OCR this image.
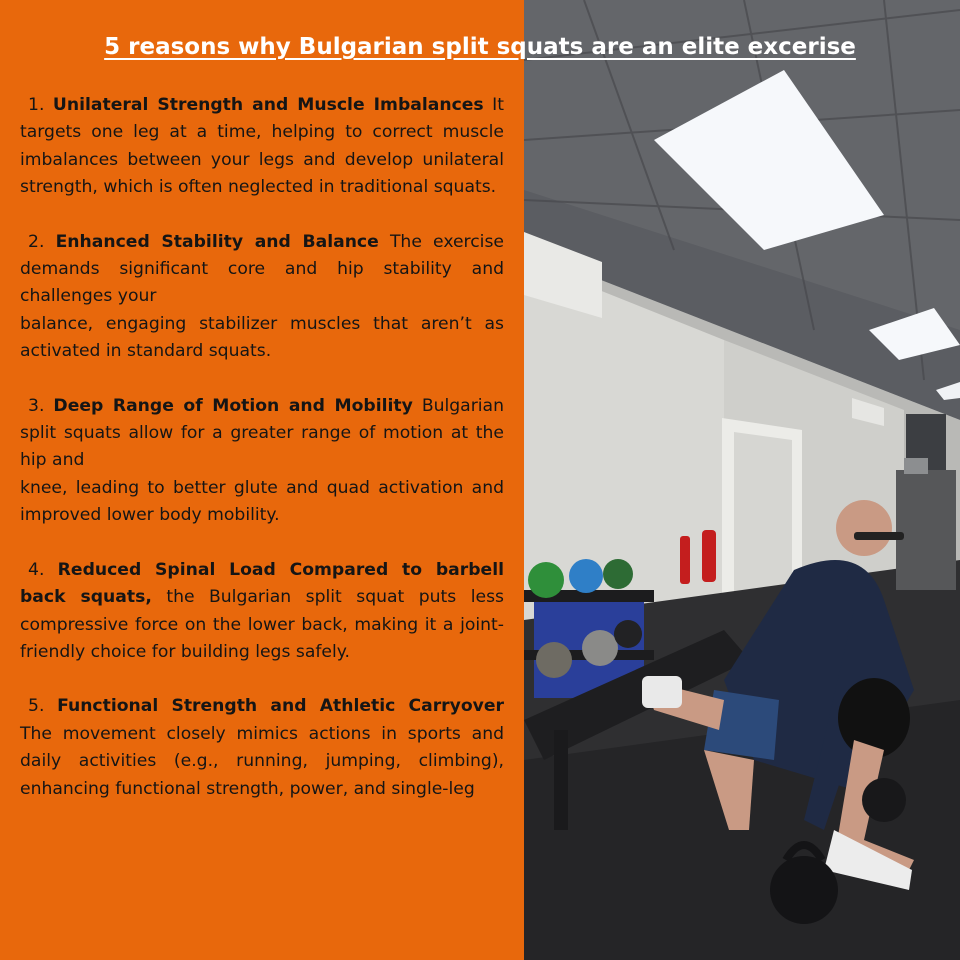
5 reasons why Bulgarian split squats are an elite excerise
1. Unilateral Strength and Muscle Imbalances It targets one leg at a time, helping to correct muscle imbalances between your legs and develop unilateral strength, which is often neglected in traditional squats.
2. Enhanced Stability and Balance The exercise demands significant core and hip stability and challenges your
balance, engaging stabilizer muscles that aren’t as activated in standard squats.
3. Deep Range of Motion and Mobility Bulgarian split squats allow for a greater range of motion at the hip and
knee, leading to better glute and quad activation and improved lower body mobility.
4. Reduced Spinal Load Compared to barbell back squats, the Bulgarian split squat puts less compressive force on the lower back, making it a joint-friendly choice for building legs safely.
5. Functional Strength and Athletic Carryover The movement closely mimics actions in sports and daily activities (e.g., running, jumping, climbing), enhancing functional strength, power, and single-leg
